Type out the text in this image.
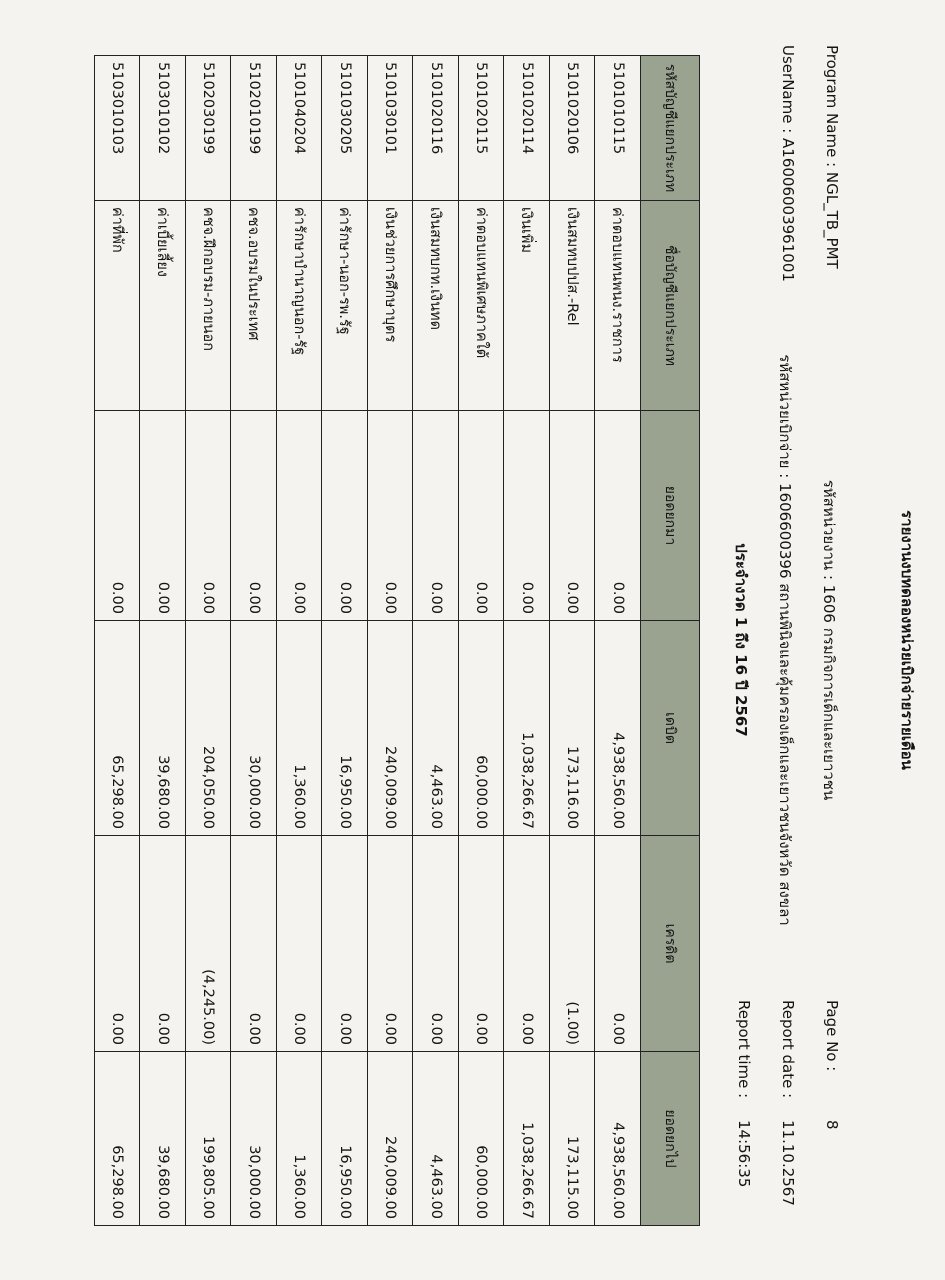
รายงานงบทดลองหน่วยเบิกจ่ายรายเดือน
Program Name : NGL_TB_PMT
UserName : A16006003961001
รหัสหน่วยงาน : 1606 กรมกิจการเด็กและเยาวชน
รหัสหน่วยเบิกจ่าย : 1606600396 สถานพินิจและคุ้มครองเด็กและเยาวชนจังหวัด สงขลา
ประจำงวด 1 ถึง 16 ปี 2567
Page No :
8
Report date :
11.10.2567
Report time :
14:56:35
รหัสบัญชีแยกประเภท	ชื่อบัญชีแยกประเภท	ยอดยกมา	เดบิต	เครดิต	ยอดยกไป
5101010115	ค่าตอบแทนพนง.ราชการ	0.00	4,938,560.00	0.00	4,938,560.00
5101020106	เงินสมทบปปส.-Rel	0.00	173,116.00	(1.00)	173,115.00
5101020114	เงินเพิ่ม	0.00	1,038,266.67	0.00	1,038,266.67
5101020115	ค่าตอบแทนพิเศษภาคใต้	0.00	60,000.00	0.00	60,000.00
5101020116	เงินสมทบกท.เงินทด	0.00	4,463.00	0.00	4,463.00
5101030101	เงินช่วยการศึกษาบุตร	0.00	240,009.00	0.00	240,009.00
5101030205	ค่ารักษา-นอก-รพ.รัฐ	0.00	16,950.00	0.00	16,950.00
5101040204	ค่ารักษาบำนาญนอก-รัฐ	0.00	1,360.00	0.00	1,360.00
5102010199	คชจ.อบรมในประเทศ	0.00	30,000.00	0.00	30,000.00
5102030199	คชจ.ฝึกอบรม-ภายนอก	0.00	204,050.00	(4,245.00)	199,805.00
5103010102	ค่าเบี้ยเลี้ยง	0.00	39,680.00	0.00	39,680.00
5103010103	ค่าที่พัก	0.00	65,298.00	0.00	65,298.00
